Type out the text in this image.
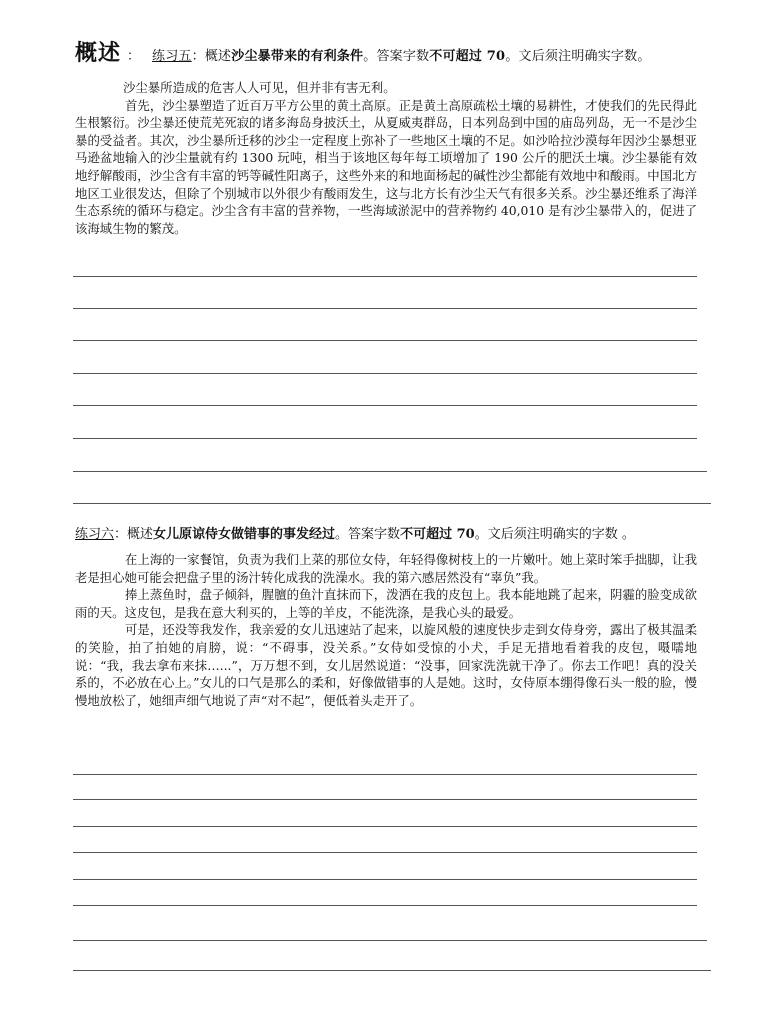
概述 ： 练习五：概述沙尘暴带来的有利条件。答案字数不可超过 70。文后须注明确实字数。

沙尘暴所造成的危害人人可见，但并非有害无利。

首先，沙尘暴塑造了近百万平方公里的黄土高原。正是黄土高原疏松土壤的易耕性，才使我们的先民得此生根繁衍。沙尘暴还使荒芜死寂的诸多海岛身披沃土，从夏威夷群岛，日本列岛到中国的庙岛列岛，无一不是沙尘暴的受益者。其次，沙尘暴所迁移的沙尘一定程度上弥补了一些地区土壤的不足。如沙哈拉沙漠每年因沙尘暴想亚马逊盆地输入的沙尘量就有约 1300 玩吨，相当于该地区每年每工顷增加了 190 公斤的肥沃土壤。沙尘暴能有效地纾解酸雨，沙尘含有丰富的钙等碱性阳离子，这些外来的和地面杨起的碱性沙尘都能有效地中和酸雨。中国北方地区工业很发达，但除了个别城市以外很少有酸雨发生，这与北方长有沙尘天气有很多关系。沙尘暴还维系了海洋生态系统的循环与稳定。沙尘含有丰富的营养物，一些海域淤泥中的营养物约 40,010 是有沙尘暴带入的，促进了该海域生物的繁茂。

练习六：概述女儿原谅侍女做错事的事发经过。答案字数不可超过 70。文后须注明确实的字数 。

在上海的一家餐馆，负责为我们上菜的那位女侍，年轻得像树枝上的一片嫩叶。她上菜时笨手拙脚，让我老是担心她可能会把盘子里的汤汁转化成我的洗澡水。我的第六感居然没有“辜负”我。

捧上蒸鱼时，盘子倾斜，腥膻的鱼汁直抹而下，泼洒在我的皮包上。我本能地跳了起来，阴霾的脸变成欲雨的天。这皮包，是我在意大利买的，上等的羊皮，不能洗涤，是我心头的最爱。

可是，还没等我发作，我亲爱的女儿迅速站了起来，以旋风般的速度快步走到女侍身旁，露出了极其温柔的笑脸，拍了拍她的肩膀，说：“不碍事，没关系。”女侍如受惊的小犬，手足无措地看着我的皮包，嗫嚅地说：“我，我去拿布来抹…...”，万万想不到，女儿居然说道：“没事，回家洗洗就干净了。你去工作吧！真的没关系的，不必放在心上。”女儿的口气是那么的柔和，好像做错事的人是她。这时，女侍原本绷得像石头一般的脸，慢慢地放松了，她细声细气地说了声“对不起”，便低着头走开了。
